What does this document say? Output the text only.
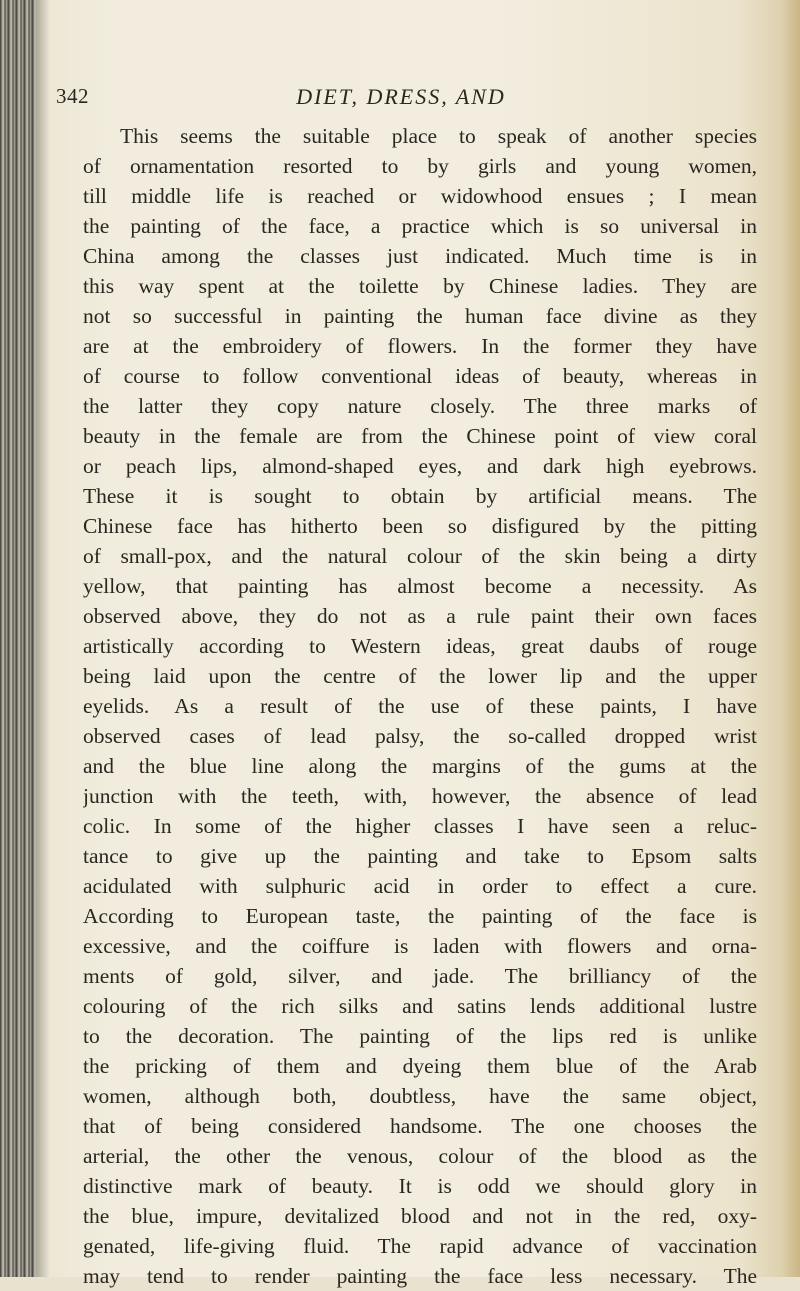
342	DIET, DRESS, AND
This seems the suitable place to speak of another species
of ornamentation resorted to by girls and young women,
till middle life is reached or widowhood ensues ; I mean
the painting of the face, a practice which is so universal in
China among the classes just indicated. Much time is in
this way spent at the toilette by Chinese ladies. They are
not so successful in painting the human face divine as they
are at the embroidery of flowers. In the former they have
of course to follow conventional ideas of beauty, whereas in
the latter they copy nature closely. The three marks of
beauty in the female are from the Chinese point of view coral
or peach lips, almond-shaped eyes, and dark high eyebrows.
These it is sought to obtain by artificial means. The
Chinese face has hitherto been so disfigured by the pitting
of small-pox, and the natural colour of the skin being a dirty
yellow, that painting has almost become a necessity. As
observed above, they do not as a rule paint their own faces
artistically according to Western ideas, great daubs of rouge
being laid upon the centre of the lower lip and the upper
eyelids. As a result of the use of these paints, I have
observed cases of lead palsy, the so-called dropped wrist
and the blue line along the margins of the gums at the
junction with the teeth, with, however, the absence of lead
colic. In some of the higher classes I have seen a reluc-
tance to give up the painting and take to Epsom salts
acidulated with sulphuric acid in order to effect a cure.
According to European taste, the painting of the face is
excessive, and the coiffure is laden with flowers and orna-
ments of gold, silver, and jade. The brilliancy of the
colouring of the rich silks and satins lends additional lustre
to the decoration. The painting of the lips red is unlike
the pricking of them and dyeing them blue of the Arab
women, although both, doubtless, have the same object,
that of being considered handsome. The one chooses the
arterial, the other the venous, colour of the blood as the
distinctive mark of beauty. It is odd we should glory in
the blue, impure, devitalized blood and not in the red, oxy-
genated, life-giving fluid. The rapid advance of vaccination
may tend to render painting the face less necessary. The
